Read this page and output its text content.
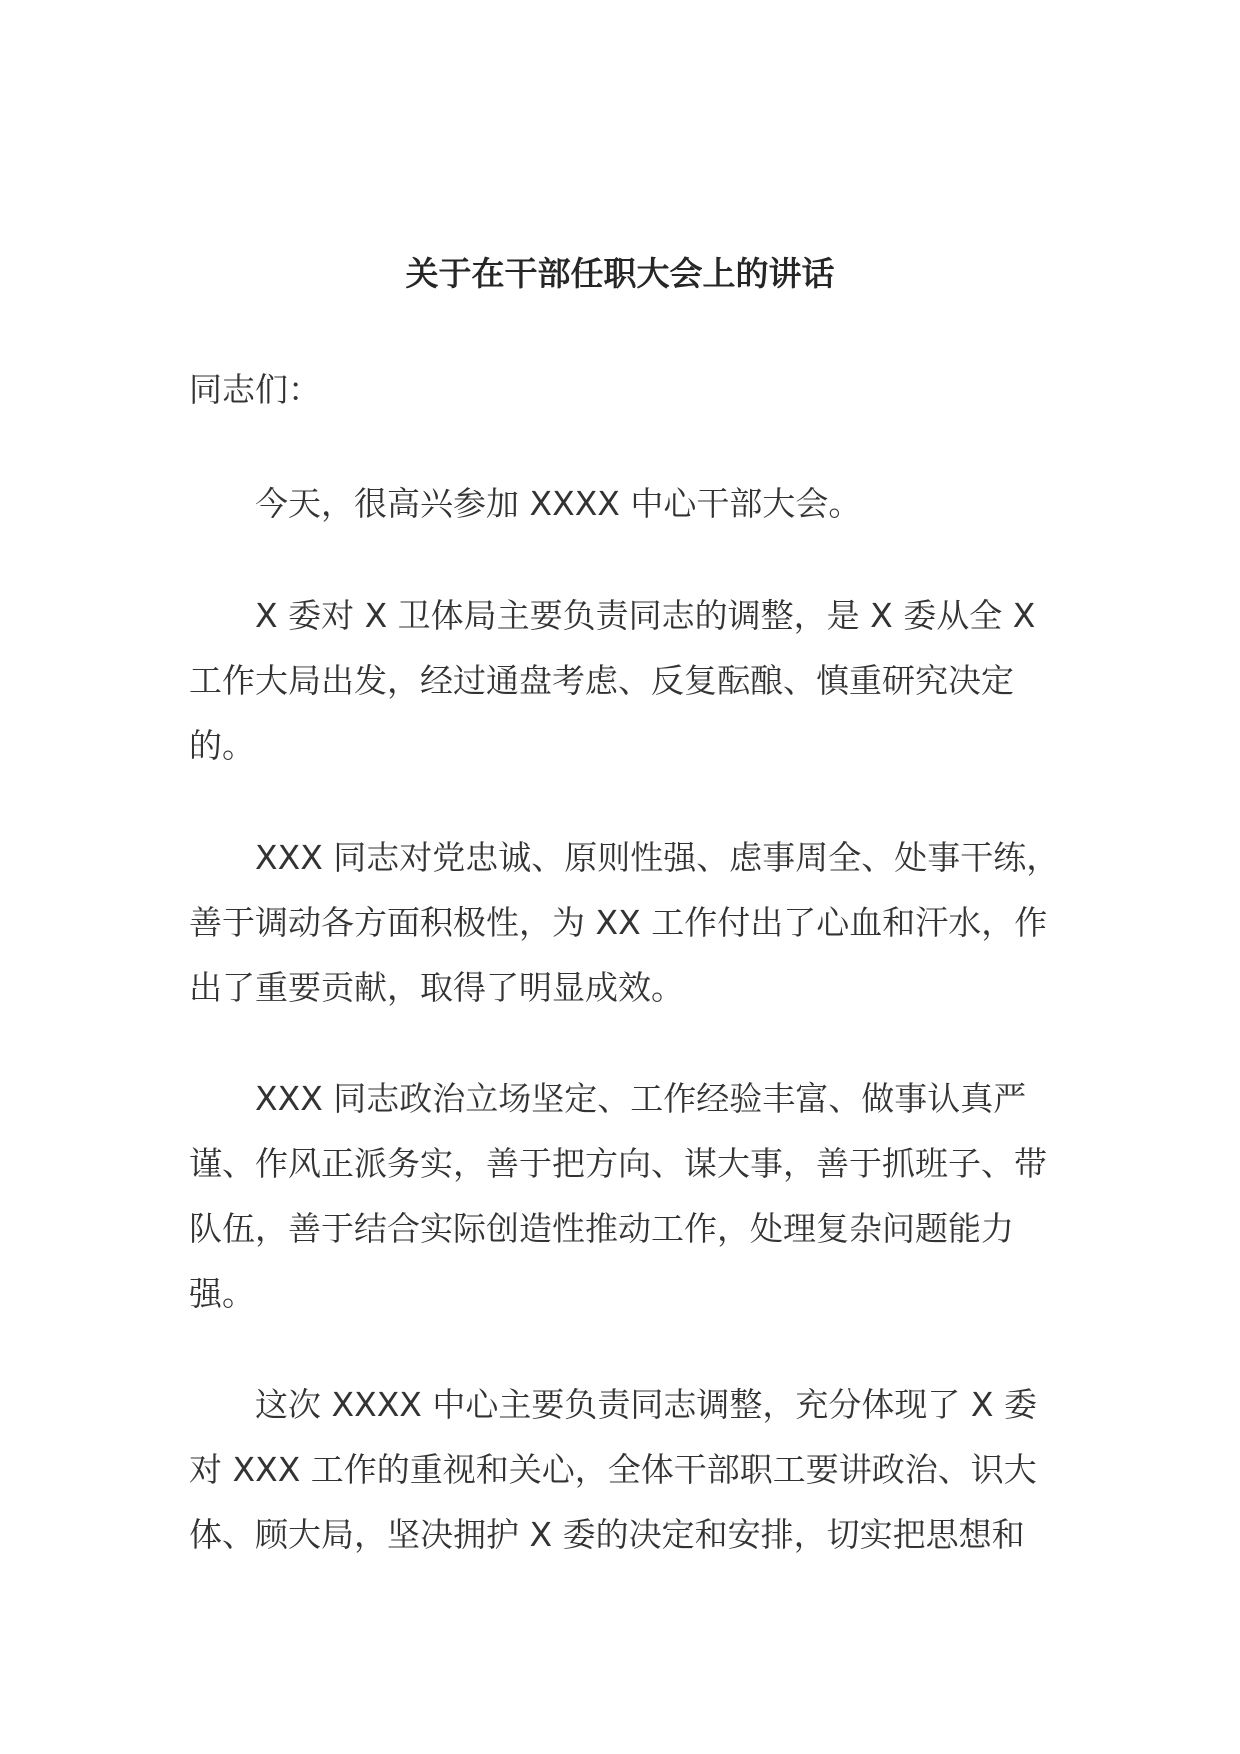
关于在干部任职大会上的讲话

同志们：

今天，很高兴参加 XXXX 中心干部大会。

X 委对 X 卫体局主要负责同志的调整，是 X 委从全 X 工作大局出发，经过通盘考虑、反复酝酿、慎重研究决定的。

XXX 同志对党忠诚、原则性强、虑事周全、处事干练，善于调动各方面积极性，为 XX 工作付出了心血和汗水，作出了重要贡献，取得了明显成效。

XXX 同志政治立场坚定、工作经验丰富、做事认真严谨、作风正派务实，善于把方向、谋大事，善于抓班子、带队伍，善于结合实际创造性推动工作，处理复杂问题能力强。

这次 XXXX 中心主要负责同志调整，充分体现了 X 委对 XXX 工作的重视和关心，全体干部职工要讲政治、识大体、顾大局，坚决拥护 X 委的决定和安排，切实把思想和
